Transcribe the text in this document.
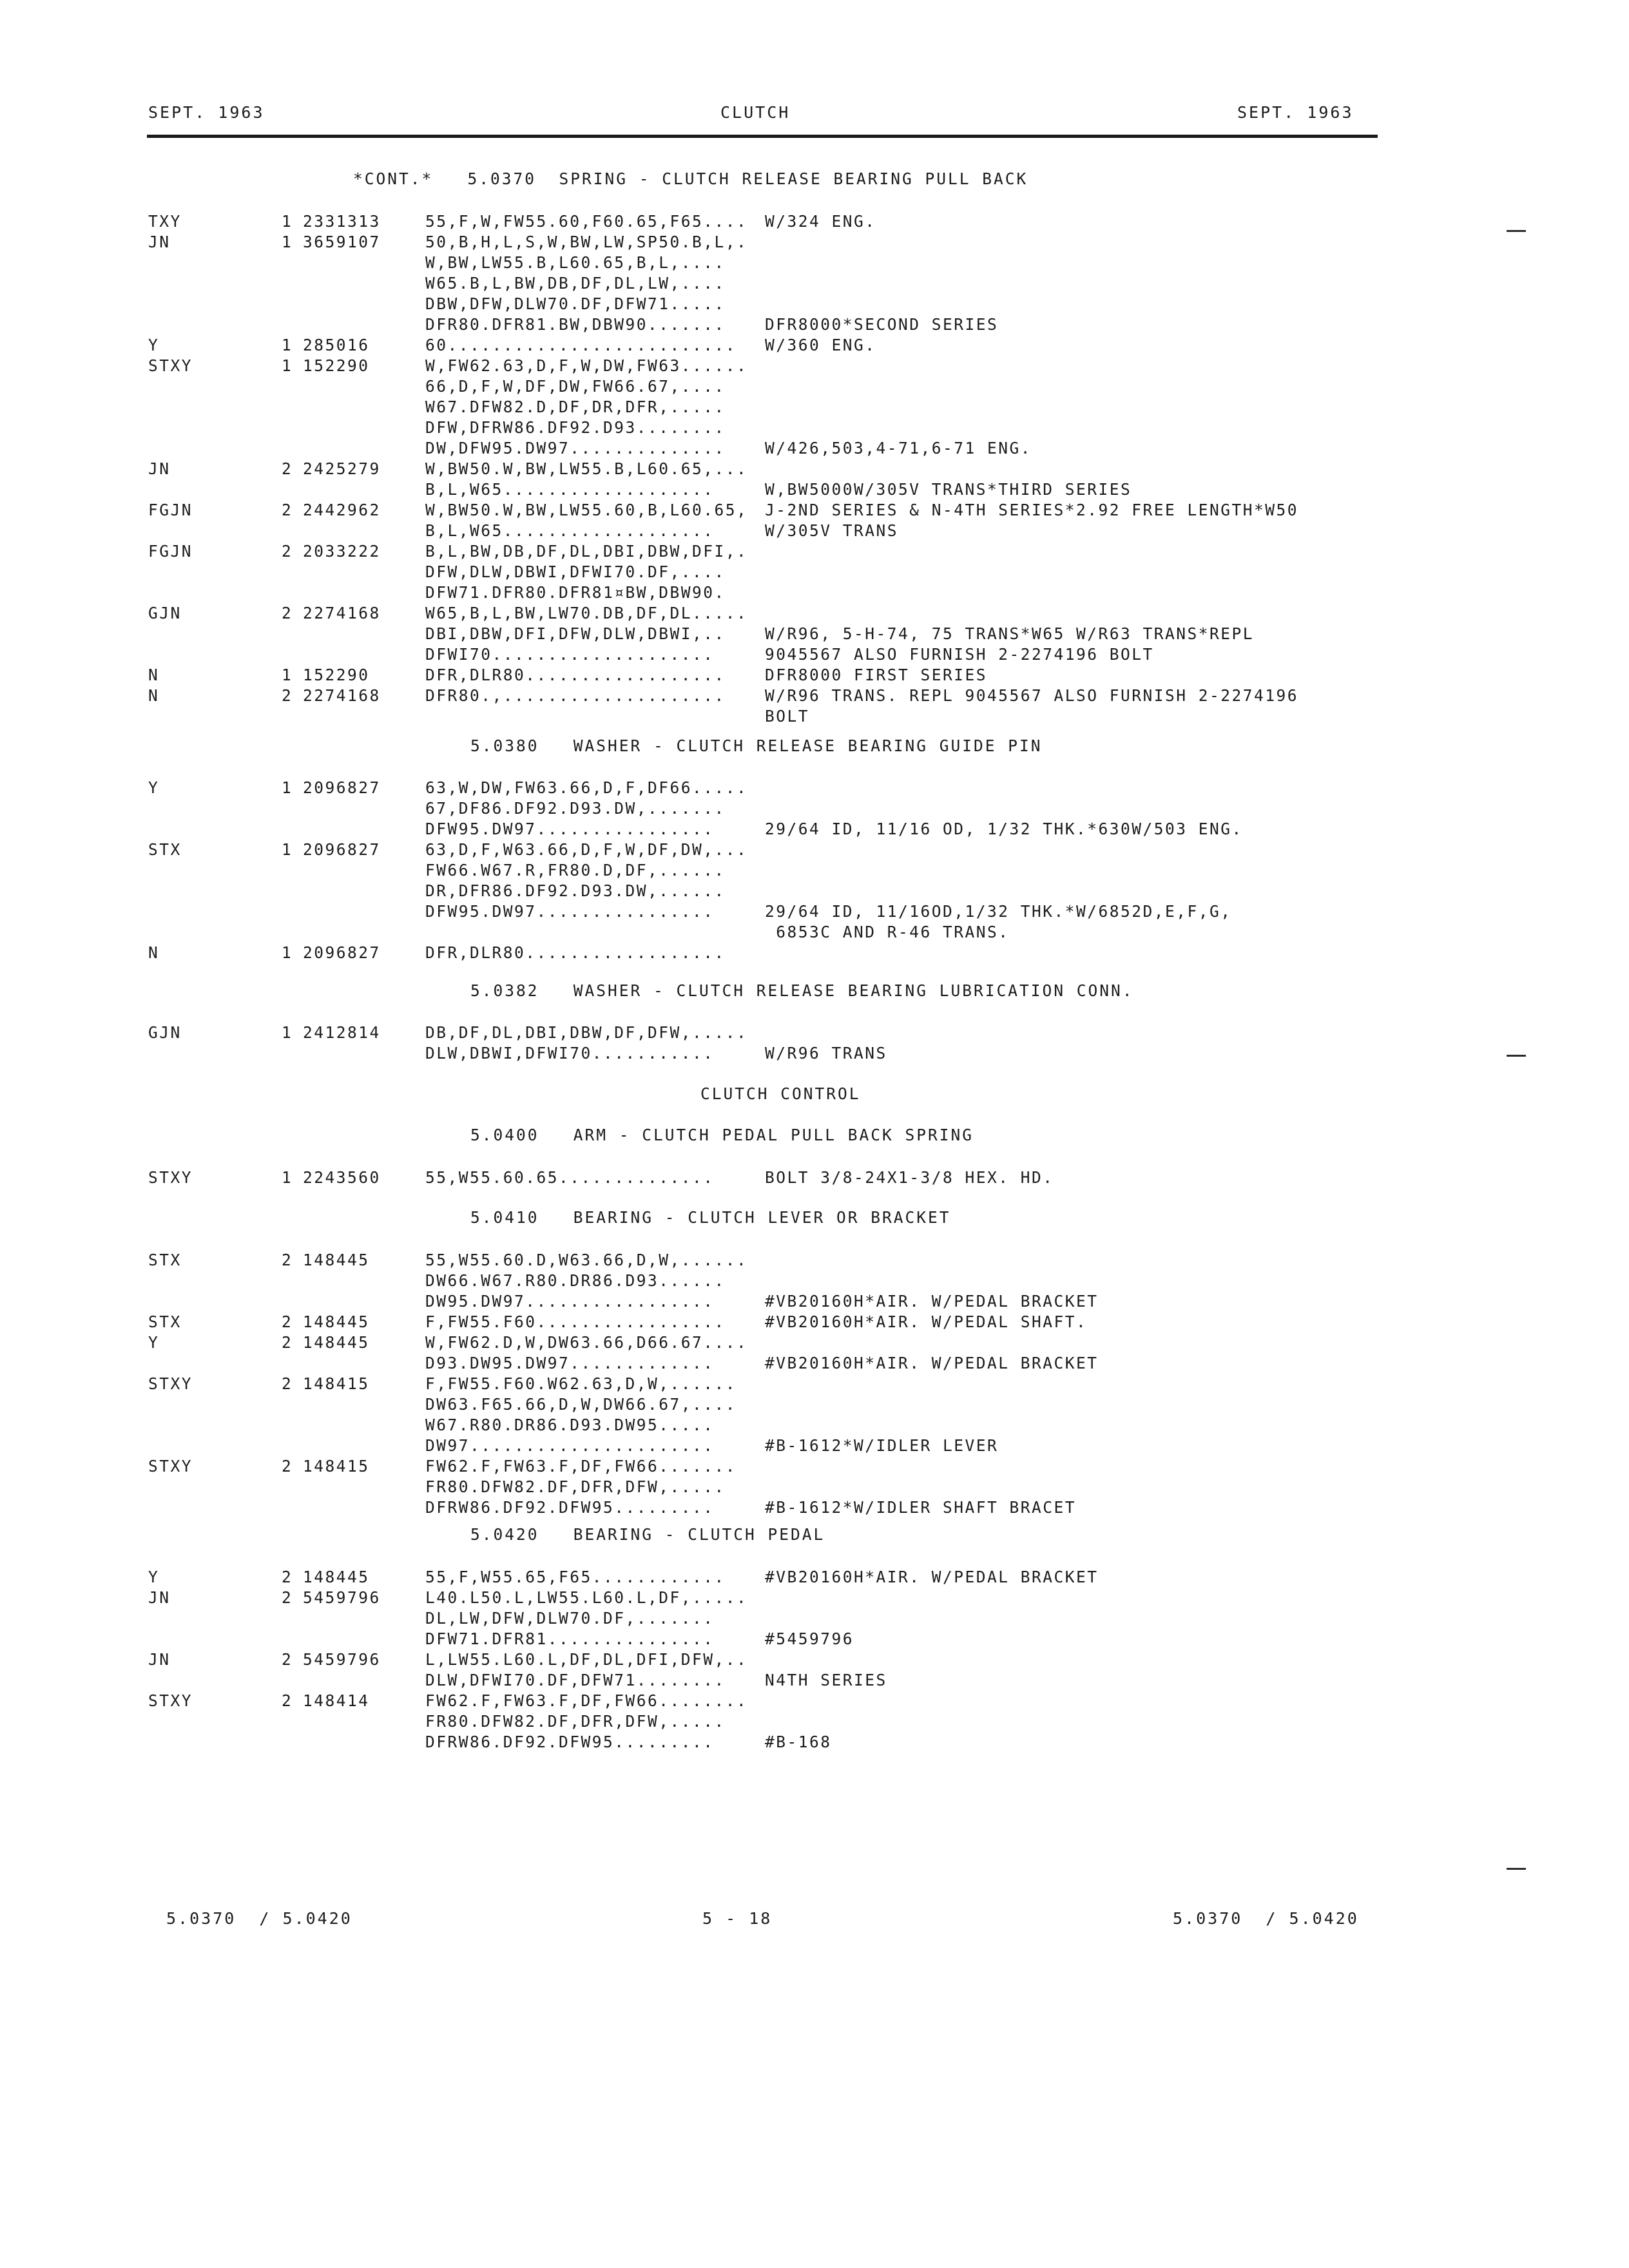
SEPT. 1963	CLUTCH	SEPT. 1963
*CONT.*   5.0370  SPRING - CLUTCH RELEASE BEARING PULL BACK
5.0380   WASHER - CLUTCH RELEASE BEARING GUIDE PIN
5.0382   WASHER - CLUTCH RELEASE BEARING LUBRICATION CONN.
CLUTCH CONTROL
5.0400   ARM - CLUTCH PEDAL PULL BACK SPRING
5.0410   BEARING - CLUTCH LEVER OR BRACKET
5.0420   BEARING - CLUTCH PEDAL
TXY	1 2331313	55,F,W,FW55.60,F60.65,F65.... W/324 ENG.
JN	1 3659107	50,B,H,L,S,W,BW,LW,SP50.B,L,.
W,BW,LW55.B,L60.65,B,L,....
W65.B,L,BW,DB,DF,DL,LW,....
DBW,DFW,DLW70.DF,DFW71.....
DFR80.DFR81.BW,DBW90....... DFR8000*SECOND SERIES
Y	1 285016	60.......................... W/360 ENG.
STXY	1 152290	W,FW62.63,D,F,W,DW,FW63......
66,D,F,W,DF,DW,FW66.67,....
W67.DFW82.D,DF,DR,DFR,.....
DFW,DFRW86.DF92.D93........
DW,DFW95.DW97.............. W/426,503,4-71,6-71 ENG.
JN	2 2425279	W,BW50.W,BW,LW55.B,L60.65,...
B,L,W65...................	W,BW5000W/305V TRANS*THIRD SERIES
FGJN	2 2442962	W,BW50.W,BW,LW55.60,B,L60.65, J-2ND SERIES & N-4TH SERIES*2.92 FREE LENGTH*W50
B,L,W65...................	W/305V TRANS
FGJN	2 2033222	B,L,BW,DB,DF,DL,DBI,DBW,DFI,.
DFW,DLW,DBWI,DFWI70.DF,....
DFW71.DFR80.DFR81¤BW,DBW90.
GJN	2 2274168	W65,B,L,BW,LW70.DB,DF,DL.....
DBI,DBW,DFI,DFW,DLW,DBWI,.. W/R96, 5-H-74, 75 TRANS*W65 W/R63 TRANS*REPL
DFWI70....................	9045567 ALSO FURNISH 2-2274196 BOLT
N	1 152290	DFR,DLR80.................. DFR8000 FIRST SERIES
N	2 2274168	DFR80.,.................... W/R96 TRANS. REPL 9045567 ALSO FURNISH 2-2274196
BOLT
Y	1 2096827	63,W,DW,FW63.66,D,F,DF66.....
67,DF86.DF92.D93.DW,.......
DFW95.DW97................	29/64 ID, 11/16 OD, 1/32 THK.*630W/503 ENG.
STX	1 2096827	63,D,F,W63.66,D,F,W,DF,DW,...
FW66.W67.R,FR80.D,DF,......
DR,DFR86.DF92.D93.DW,......
DFW95.DW97................	29/64 ID, 11/16OD,1/32 THK.*W/6852D,E,F,G,
6853C AND R-46 TRANS.
N	1 2096827	DFR,DLR80..................
GJN	1 2412814	DB,DF,DL,DBI,DBW,DF,DFW,.....
DLW,DBWI,DFWI70...........	W/R96 TRANS
STXY	1 2243560	55,W55.60.65..............	BOLT 3/8-24X1-3/8 HEX. HD.
STX	2 148445	55,W55.60.D,W63.66,D,W,......
DW66.W67.R80.DR86.D93......
DW95.DW97.................	#VB20160H*AIR. W/PEDAL BRACKET
STX	2 148445	F,FW55.F60................. #VB20160H*AIR. W/PEDAL SHAFT.
Y	2 148445	W,FW62.D,W,DW63.66,D66.67....
D93.DW95.DW97.............	#VB20160H*AIR. W/PEDAL BRACKET
STXY	2 148415	F,FW55.F60.W62.63,D,W,......
DW63.F65.66,D,W,DW66.67,....
W67.R80.DR86.D93.DW95.....
DW97......................	#B-1612*W/IDLER LEVER
STXY	2 148415	FW62.F,FW63.F,DF,FW66.......
FR80.DFW82.DF,DFR,DFW,.....
DFRW86.DF92.DFW95.........	#B-1612*W/IDLER SHAFT BRACET
Y	2 148445	55,F,W55.65,F65............ #VB20160H*AIR. W/PEDAL BRACKET
JN	2 5459796	L40.L50.L,LW55.L60.L,DF,.....
DL,LW,DFW,DLW70.DF,.......
DFW71.DFR81...............	#5459796
JN	2 5459796	L,LW55.L60.L,DF,DL,DFI,DFW,..
DLW,DFWI70.DF,DFW71........ N4TH SERIES
STXY	2 148414	FW62.F,FW63.F,DF,FW66........
FR80.DFW82.DF,DFR,DFW,.....
DFRW86.DF92.DFW95.........	#B-168
5.0370  / 5.0420	5 - 18	5.0370  / 5.0420
